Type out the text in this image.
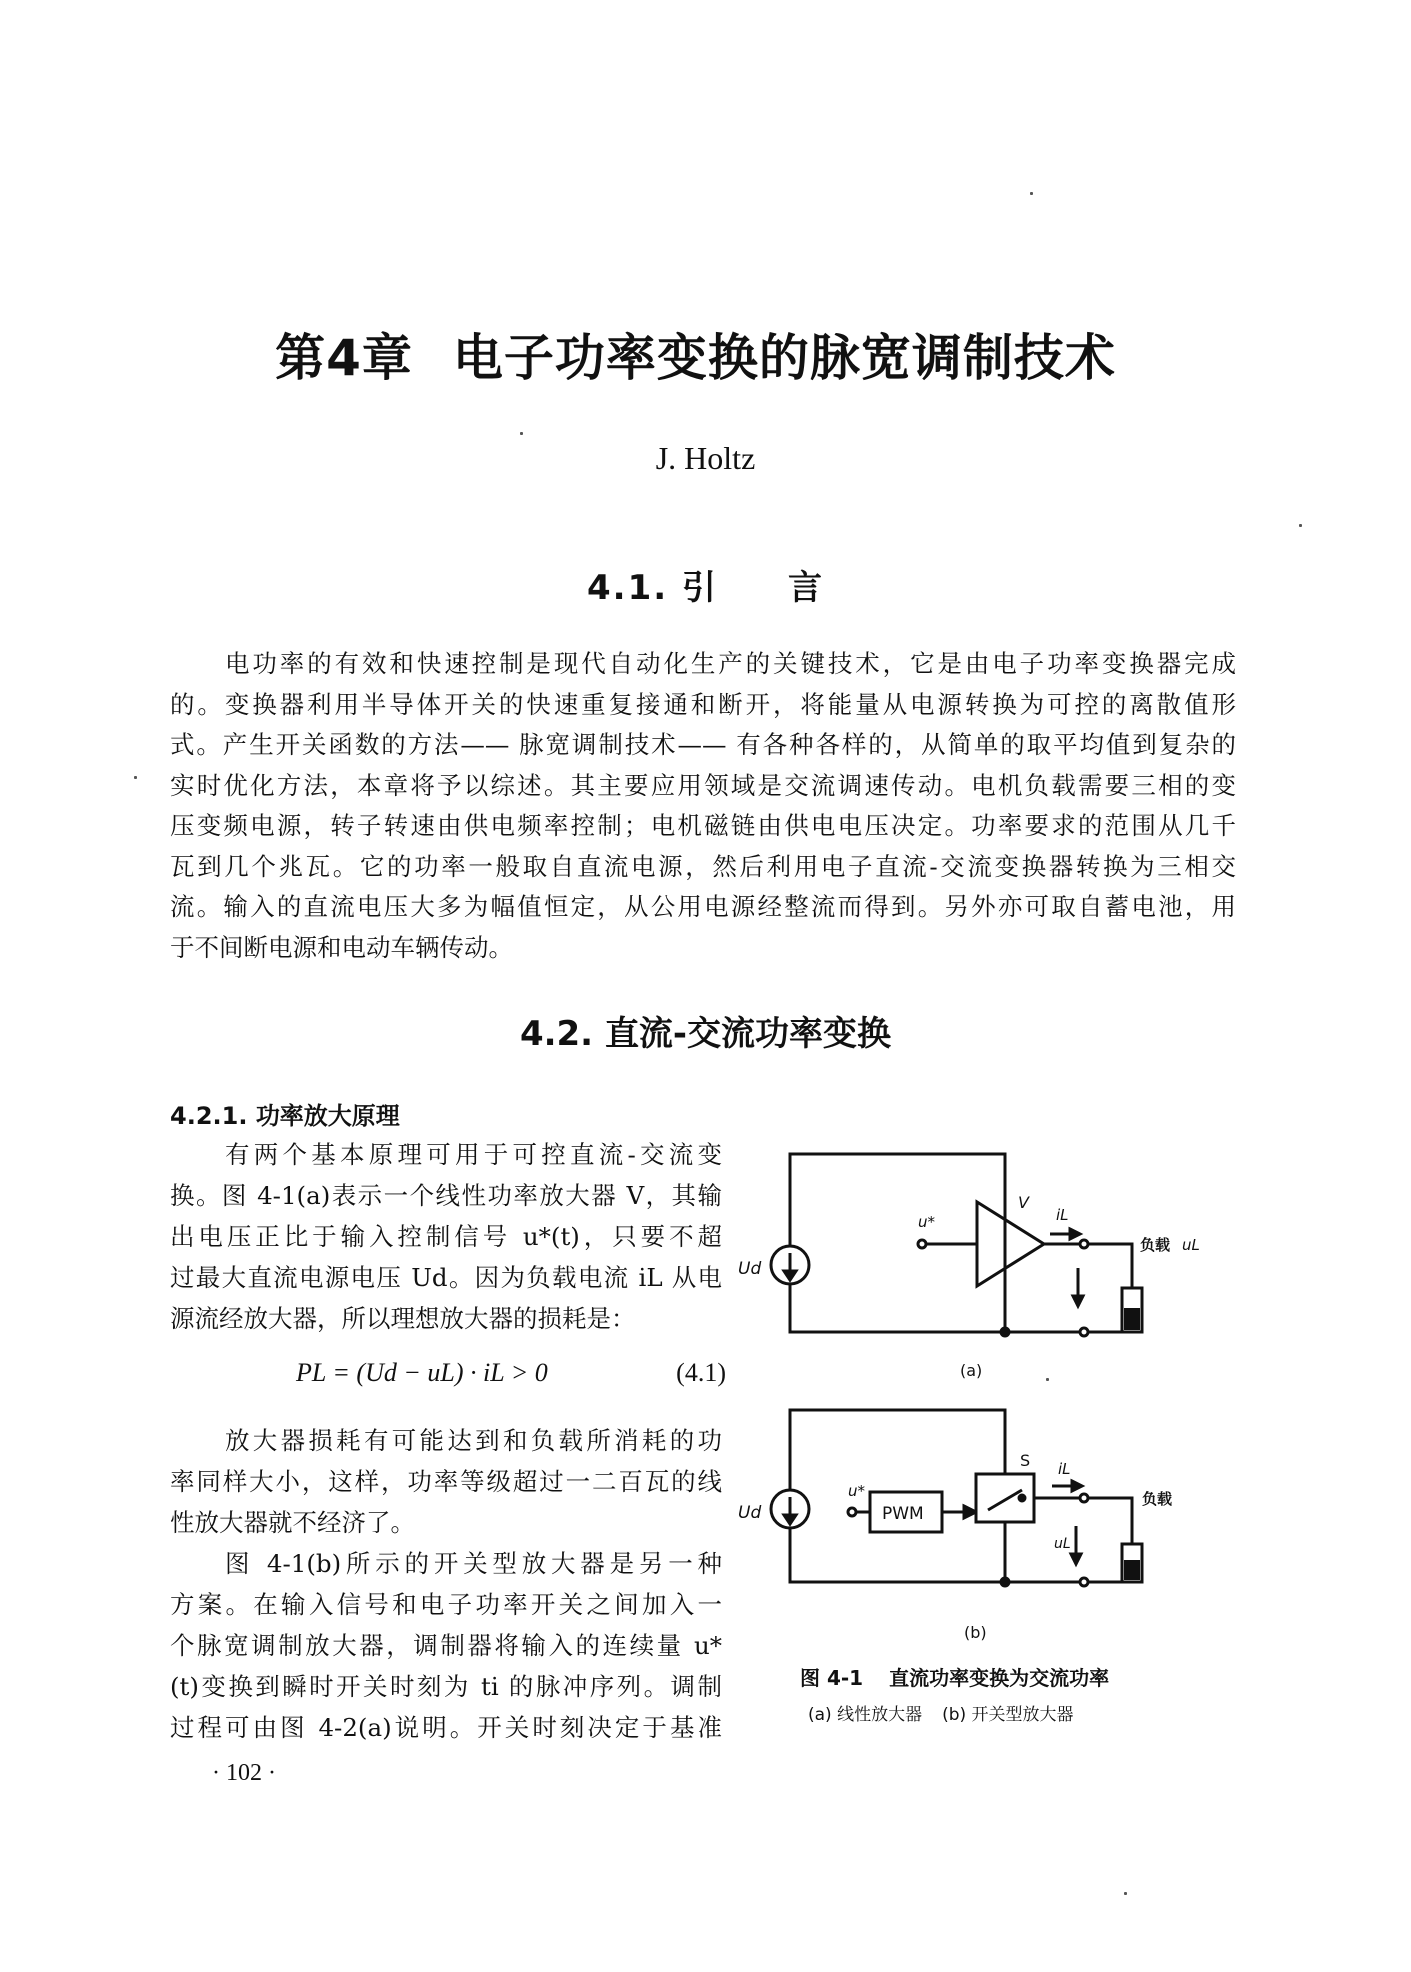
第4章 电子功率变换的脉宽调制技术
J. Holtz
4.1. 引 言
电功率的有效和快速控制是现代自动化生产的关键技术，它是由电子功率变换器完成
的。变换器利用半导体开关的快速重复接通和断开，将能量从电源转换为可控的离散值形
式。产生开关函数的方法—— 脉宽调制技术—— 有各种各样的，从简单的取平均值到复杂的
实时优化方法，本章将予以综述。其主要应用领域是交流调速传动。电机负载需要三相的变
压变频电源，转子转速由供电频率控制；电机磁链由供电电压决定。功率要求的范围从几千
瓦到几个兆瓦。它的功率一般取自直流电源，然后利用电子直流-交流变换器转换为三相交
流。输入的直流电压大多为幅值恒定，从公用电源经整流而得到。另外亦可取自蓄电池，用
于不间断电源和电动车辆传动。
4.2. 直流-交流功率变换
4.2.1. 功率放大原理
有两个基本原理可用于可控直流-交流变
换。图 4-1(a)表示一个线性功率放大器 V，其输
出电压正比于输入控制信号 u*(t)，只要不超
过最大直流电源电压 Ud。因为负载电流 iL 从电
源流经放大器，所以理想放大器的损耗是：
PL = (Ud − uL) · iL > 0	(4.1)
放大器损耗有可能达到和负载所消耗的功
率同样大小，这样，功率等级超过一二百瓦的线
性放大器就不经济了。
图 4-1(b)所示的开关型放大器是另一种
方案。在输入信号和电子功率开关之间加入一
个脉宽调制放大器，调制器将输入的连续量 u*
(t)变换到瞬时开关时刻为 ti 的脉冲序列。调制
过程可由图 4-2(a)说明。开关时刻决定于基准
· 102 ·
Ud
u*
V
iL
负载 uL
(a)
Ud
u*
PWM
S iL
uL
负载
(b)
图 4-1 直流功率变换为交流功率
(a) 线性放大器 (b) 开关型放大器
